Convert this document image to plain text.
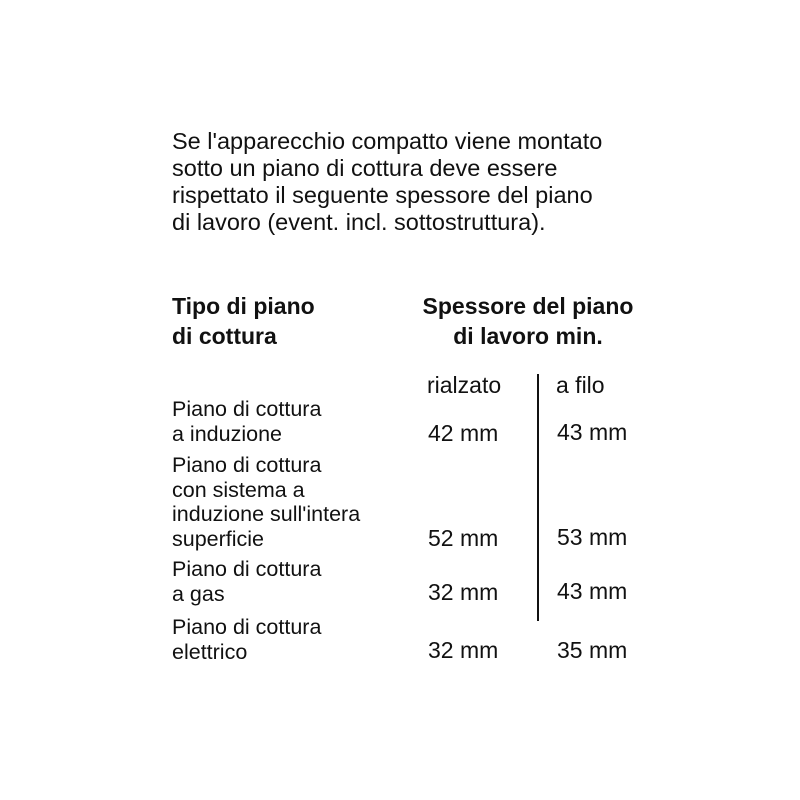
Se l'apparecchio compatto viene montato
sotto un piano di cottura deve essere
rispettato il seguente spessore del piano
di lavoro (event. incl. sottostruttura).
Tipo di piano
di cottura
Spessore del piano
di lavoro min.
rialzato a filo
Piano di cottura
a induzione	42 mm	43 mm
Piano di cottura
con sistema a
induzione sull'intera
superficie	52 mm	53 mm
Piano di cottura
a gas	32 mm	43 mm
Piano di cottura
elettrico	32 mm	35 mm
